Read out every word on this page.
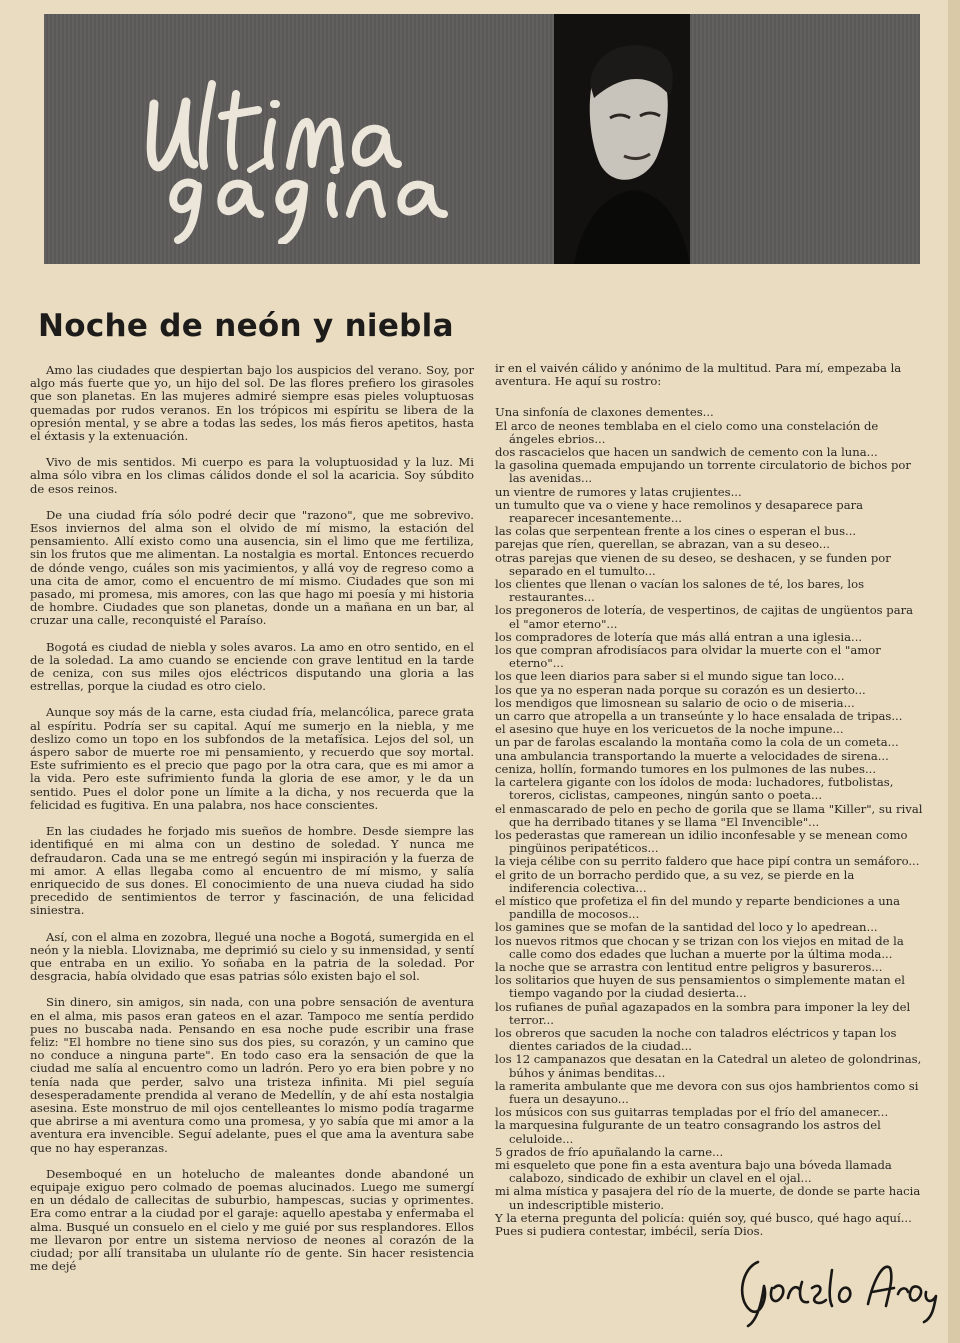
Noche de neón y niebla

Amo las ciudades que despiertan bajo los auspicios del verano. Soy, por algo más fuerte que yo, un hijo del sol. De las flores prefiero los girasoles que son planetas. En las mujeres admiré siempre esas pieles voluptuosas quemadas por rudos veranos. En los trópicos mi espíritu se libera de la opresión mental, y se abre a todas las sedes, los más fieros apetitos, hasta el éxtasis y la extenuación.

Vivo de mis sentidos. Mi cuerpo es para la voluptuosidad y la luz. Mi alma sólo vibra en los climas cálidos donde el sol la acaricia. Soy súbdito de esos reinos.

De una ciudad fría sólo podré decir que "razono", que me sobrevivo. Esos inviernos del alma son el olvido de mí mismo, la estación del pensamiento. Allí existo como una ausencia, sin el limo que me fertiliza, sin los frutos que me alimentan. La nostalgia es mortal. Entonces recuerdo de dónde vengo, cuáles son mis yacimientos, y allá voy de regreso como a una cita de amor, como el encuentro de mí mismo. Ciudades que son mi pasado, mi promesa, mis amores, con las que hago mi poesía y mi historia de hombre. Ciudades que son planetas, donde un a mañana en un bar, al cruzar una calle, reconquisté el Paraíso.

Bogotá es ciudad de niebla y soles avaros. La amo en otro sentido, en el de la soledad. La amo cuando se enciende con grave lentitud en la tarde de ceniza, con sus miles ojos eléctricos disputando una gloria a las estrellas, porque la ciudad es otro cielo.

Aunque soy más de la carne, esta ciudad fría, melancólica, parece grata al espíritu. Podría ser su capital. Aquí me sumerjo en la niebla, y me deslizo como un topo en los subfondos de la metafísica. Lejos del sol, un áspero sabor de muerte roe mi pensamiento, y recuerdo que soy mortal. Este sufrimiento es el precio que pago por la otra cara, que es mi amor a la vida. Pero este sufrimiento funda la gloria de ese amor, y le da un sentido. Pues el dolor pone un límite a la dicha, y nos recuerda que la felicidad es fugitiva. En una palabra, nos hace conscientes.

En las ciudades he forjado mis sueños de hombre. Desde siempre las identifiqué en mi alma con un destino de soledad. Y nunca me defraudaron. Cada una se me entregó según mi inspiración y la fuerza de mi amor. A ellas llegaba como al encuentro de mí mismo, y salía enriquecido de sus dones. El conocimiento de una nueva ciudad ha sido precedido de sentimientos de terror y fascinación, de una felicidad siniestra.

Así, con el alma en zozobra, llegué una noche a Bogotá, sumergida en el neón y la niebla. Lloviznaba, me deprimió su cielo y su inmensidad, y sentí que entraba en un exilio. Yo soñaba en la patria de la soledad. Por desgracia, había olvidado que esas patrias sólo existen bajo el sol.

Sin dinero, sin amigos, sin nada, con una pobre sensación de aventura en el alma, mis pasos eran gateos en el azar. Tampoco me sentía perdido pues no buscaba nada. Pensando en esa noche pude escribir una frase feliz: "El hombre no tiene sino sus dos pies, su corazón, y un camino que no conduce a ninguna parte". En todo caso era la sensación de que la ciudad me salía al encuentro como un ladrón. Pero yo era bien pobre y no tenía nada que perder, salvo una tristeza infinita. Mi piel seguía desesperadamente prendida al verano de Medellín, y de ahí esta nostalgia asesina. Este monstruo de mil ojos centelleantes lo mismo podía tragarme que abrirse a mi aventura como una promesa, y yo sabía que mi amor a la aventura era invencible. Seguí adelante, pues el que ama la aventura sabe que no hay esperanzas.

Desemboqué en un hotelucho de maleantes donde abandoné un equipaje exiguo pero colmado de poemas alucinados. Luego me sumergí en un dédalo de callecitas de suburbio, hampescas, sucias y oprimentes. Era como entrar a la ciudad por el garaje: aquello apestaba y enfermaba el alma. Busqué un consuelo en el cielo y me guié por sus resplandores. Ellos me llevaron por entre un sistema nervioso de neones al corazón de la ciudad; por allí transitaba un ululante río de gente. Sin hacer resistencia me dejé

ir en el vaivén cálido y anónimo de la multitud. Para mí, empezaba la aventura. He aquí su rostro:

Una sinfonía de claxones dementes...
El arco de neones temblaba en el cielo como una constelación de ángeles ebrios...
dos rascacielos que hacen un sandwich de cemento con la luna...
la gasolina quemada empujando un torrente circulatorio de bichos por las avenidas...
un vientre de rumores y latas crujientes...
un tumulto que va o viene y hace remolinos y desaparece para reaparecer incesantemente...
las colas que serpentean frente a los cines o esperan el bus...
parejas que ríen, querellan, se abrazan, van a su deseo...
otras parejas que vienen de su deseo, se deshacen, y se funden por separado en el tumulto...
los clientes que llenan o vacían los salones de té, los bares, los restaurantes...
los pregoneros de lotería, de vespertinos, de cajitas de ungüentos para el "amor eterno"...
los compradores de lotería que más allá entran a una iglesia...
los que compran afrodisíacos para olvidar la muerte con el "amor eterno"...
los que leen diarios para saber si el mundo sigue tan loco...
los que ya no esperan nada porque su corazón es un desierto...
los mendigos que limosnean su salario de ocio o de miseria...
un carro que atropella a un transeúnte y lo hace ensalada de tripas...
el asesino que huye en los vericuetos de la noche impune...
un par de farolas escalando la montaña como la cola de un cometa...
una ambulancia transportando la muerte a velocidades de sirena...
ceniza, hollín, formando tumores en los pulmones de las nubes...
la cartelera gigante con los ídolos de moda: luchadores, futbolistas, toreros, ciclistas, campeones, ningún santo o poeta...
el enmascarado de pelo en pecho de gorila que se llama "Killer", su rival que ha derribado titanes y se llama "El Invencible"...
los pederastas que ramerean un idilio inconfesable y se menean como pingüinos peripatéticos...
la vieja célibe con su perrito faldero que hace pipí contra un semáforo...
el grito de un borracho perdido que, a su vez, se pierde en la indiferencia colectiva...
el místico que profetiza el fin del mundo y reparte bendiciones a una pandilla de mocosos...
los gamines que se mofan de la santidad del loco y lo apedrean...
los nuevos ritmos que chocan y se trizan con los viejos en mitad de la calle como dos edades que luchan a muerte por la última moda...
la noche que se arrastra con lentitud entre peligros y basureros...
los solitarios que huyen de sus pensamientos o simplemente matan el tiempo vagando por la ciudad desierta...
los rufianes de puñal agazapados en la sombra para imponer la ley del terror...
los obreros que sacuden la noche con taladros eléctricos y tapan los dientes cariados de la ciudad...
los 12 campanazos que desatan en la Catedral un aleteo de golondrinas, búhos y ánimas benditas...
la ramerita ambulante que me devora con sus ojos hambrientos como si fuera un desayuno...
los músicos con sus guitarras templadas por el frío del amanecer...
la marquesina fulgurante de un teatro consagrando los astros del celuloide...
5 grados de frío apuñalando la carne...
mi esqueleto que pone fin a esta aventura bajo una bóveda llamada calabozo, sindicado de exhibir un clavel en el ojal...
mi alma mística y pasajera del río de la muerte, de donde se parte hacia un indescriptible misterio.

Y la eterna pregunta del policía: quién soy, qué busco, qué hago aquí... Pues si pudiera contestar, imbécil, sería Dios.
